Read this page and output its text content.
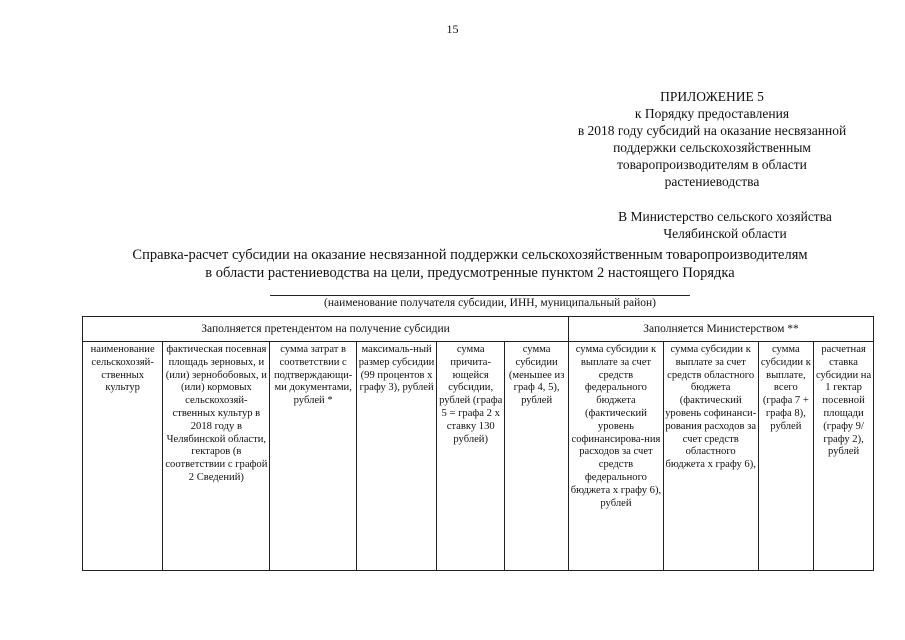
15
ПРИЛОЖЕНИЕ 5
к Порядку предоставления
в 2018 году субсидий на оказание несвязанной
поддержки сельскохозяйственным
товаропроизводителям в области
растениеводства
В Министерство сельского хозяйства
Челябинской области
Справка-расчет субсидии на оказание несвязанной поддержки сельскохозяйственным товаропроизводителям
в области растениеводства на цели, предусмотренные пунктом 2 настоящего Порядка
(наименование получателя субсидии, ИНН, муниципальный район)
Заполняется претендентом на получение субсидии						Заполняется Министерством **			
наименование сельскохозяй-ственных культур	фактическая посевная площадь зерновых, и (или) зернобобовых, и (или) кормовых сельскохозяй-ственных культур в 2018 году в Челябинской области, гектаров (в соответствии с графой 2 Сведений)	сумма затрат в соответствии с подтверждающи-ми документами, рублей *	максималь-ный размер субсидии (99 процентов х графу 3), рублей	сумма причита-ющейся субсидии, рублей (графа 5 = графа 2 х ставку 130 рублей)	сумма субсидии (меньшее из граф 4, 5), рублей	сумма субсидии к выплате за счет средств федерального бюджета (фактический уровень софинансирова-ния расходов за счет средств федерального бюджета х графу 6), рублей	сумма субсидии к выплате за счет средств областного бюджета (фактический уровень софинанси-рования расходов за счет средств областного бюджета х графу 6),	сумма субсидии к выплате, всего (графа 7 + графа 8), рублей	расчетная ставка субсидии на 1 гектар посевной площади (графу 9/ графу 2), рублей
